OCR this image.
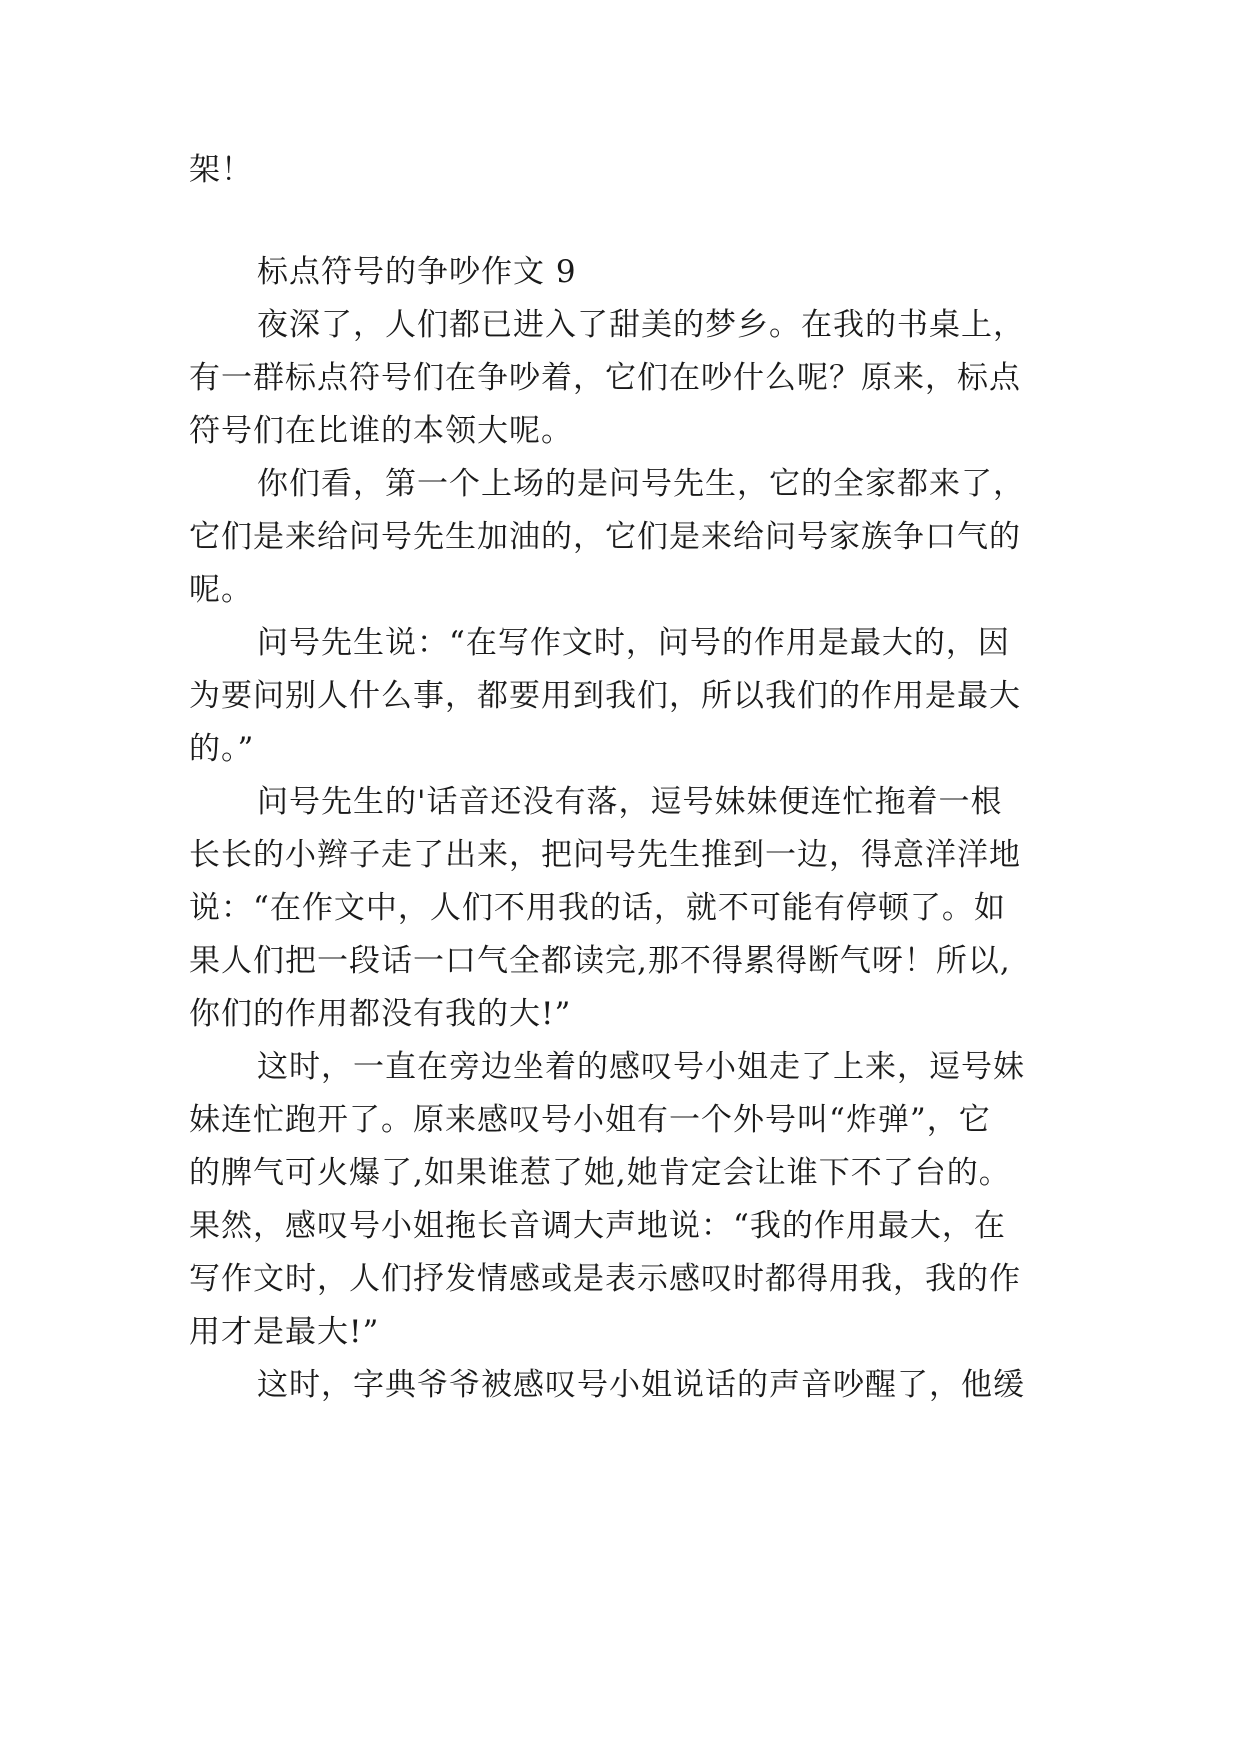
架！
标点符号的争吵作文 9
夜深了，人们都已进入了甜美的梦乡。在我的书桌上，
有一群标点符号们在争吵着，它们在吵什么呢？原来，标点
符号们在比谁的本领大呢。
你们看，第一个上场的是问号先生，它的全家都来了，
它们是来给问号先生加油的，它们是来给问号家族争口气的
呢。
问号先生说：“在写作文时，问号的作用是最大的，因
为要问别人什么事，都要用到我们，所以我们的作用是最大
的。”
问号先生的'话音还没有落，逗号妹妹便连忙拖着一根
长长的小辫子走了出来，把问号先生推到一边，得意洋洋地
说：“在作文中，人们不用我的话，就不可能有停顿了。如
果人们把一段话一口气全都读完,那不得累得断气呀！所以,
你们的作用都没有我的大!”
这时，一直在旁边坐着的感叹号小姐走了上来，逗号妹
妹连忙跑开了。原来感叹号小姐有一个外号叫“炸弹”，它
的脾气可火爆了,如果谁惹了她,她肯定会让谁下不了台的。
果然，感叹号小姐拖长音调大声地说：“我的作用最大，在
写作文时，人们抒发情感或是表示感叹时都得用我，我的作
用才是最大!”
这时，字典爷爷被感叹号小姐说话的声音吵醒了，他缓
